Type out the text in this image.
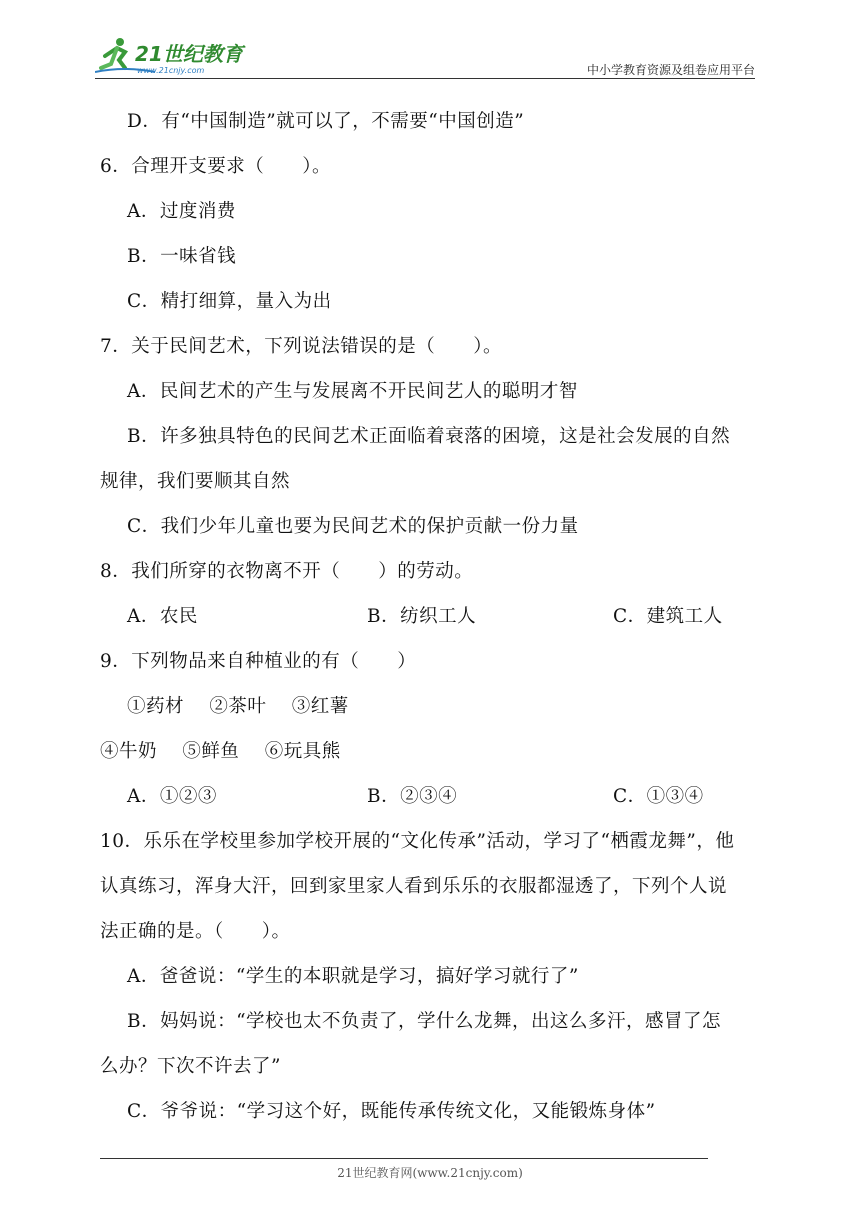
21世纪教育
www.21cnjy.com	中小学教育资源及组卷应用平台
D．有“中国制造”就可以了，不需要“中国创造”
6．合理开支要求（　　）。
A．过度消费
B．一味省钱
C．精打细算，量入为出
7．关于民间艺术，下列说法错误的是（　　）。
A．民间艺术的产生与发展离不开民间艺人的聪明才智
B．许多独具特色的民间艺术正面临着衰落的困境，这是社会发展的自然
规律，我们要顺其自然
C．我们少年儿童也要为民间艺术的保护贡献一份力量
8．我们所穿的衣物离不开（　　）的劳动。
A．农民	B．纺织工人	C．建筑工人
9．下列物品来自种植业的有（　　）
①药材　 ②茶叶　 ③红薯
④牛奶　 ⑤鲜鱼　 ⑥玩具熊
A．①②③	B．②③④	C．①③④
10．乐乐在学校里参加学校开展的“文化传承”活动，学习了“栖霞龙舞”，他
认真练习，浑身大汗，回到家里家人看到乐乐的衣服都湿透了，下列个人说
法正确的是。（　　）。
A．爸爸说：“学生的本职就是学习，搞好学习就行了”
B．妈妈说：“学校也太不负责了，学什么龙舞，出这么多汗，感冒了怎
么办？下次不许去了”
C．爷爷说：“学习这个好，既能传承传统文化，又能锻炼身体”
21世纪教育网(www.21cnjy.com)
